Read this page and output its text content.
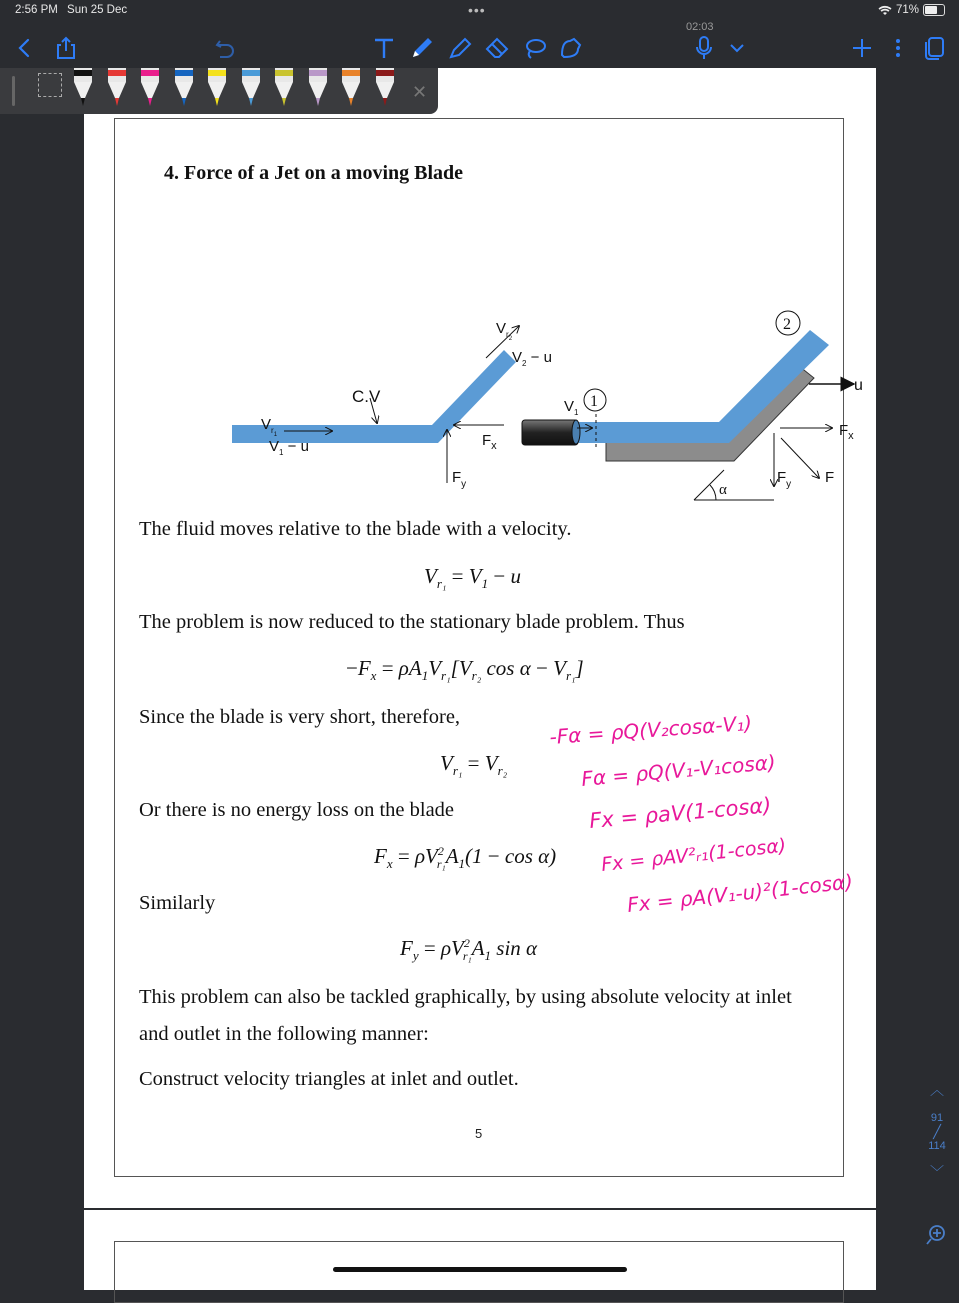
2:56 PM Sun 25 Dec	•••	71%
02:03
4. Force of a Jet on a moving Blade
$V_{r2}$
$V_2 - u$
C.V
$V_{r1}$
$V_1 - u$	$F_x$
$F_y$
1
2
$V_1$
u
$F_x$
$F_y$ F
α
The fluid moves relative to the blade with a velocity.
$V_{r_1} = V_1 - u$
The problem is now reduced to the stationary blade problem. Thus
$-F_x = \rho A_1V_{r_1}[V_{r_2}$ $\cos \alpha - V_{r_1}$]
Since the blade is very short, therefore,
$V_{r_1} = V_{r_2}$
Or there is no energy loss on the blade
$F_x = \rho V^2_{r_1}A_1(1 - \cos \alpha)$
Similarly
$F_y = \rho V^2_{r_1}A_1$ sin α
This problem can also be tackled graphically, by using absolute velocity at inlet
and outlet in the following manner:
Construct velocity triangles at inlet and outlet.
5
✕
-Fα = ρQ(V₂cosα-V₁)
Fα = ρQ(V₁-V₁cosα)
Fx = ρaV(1-cosα)
Fx = ρAV²ᵣ₁(1-cosα)
Fx = ρA(V₁-u)²(1-cosα)
︿
91
╱
114
﹀
